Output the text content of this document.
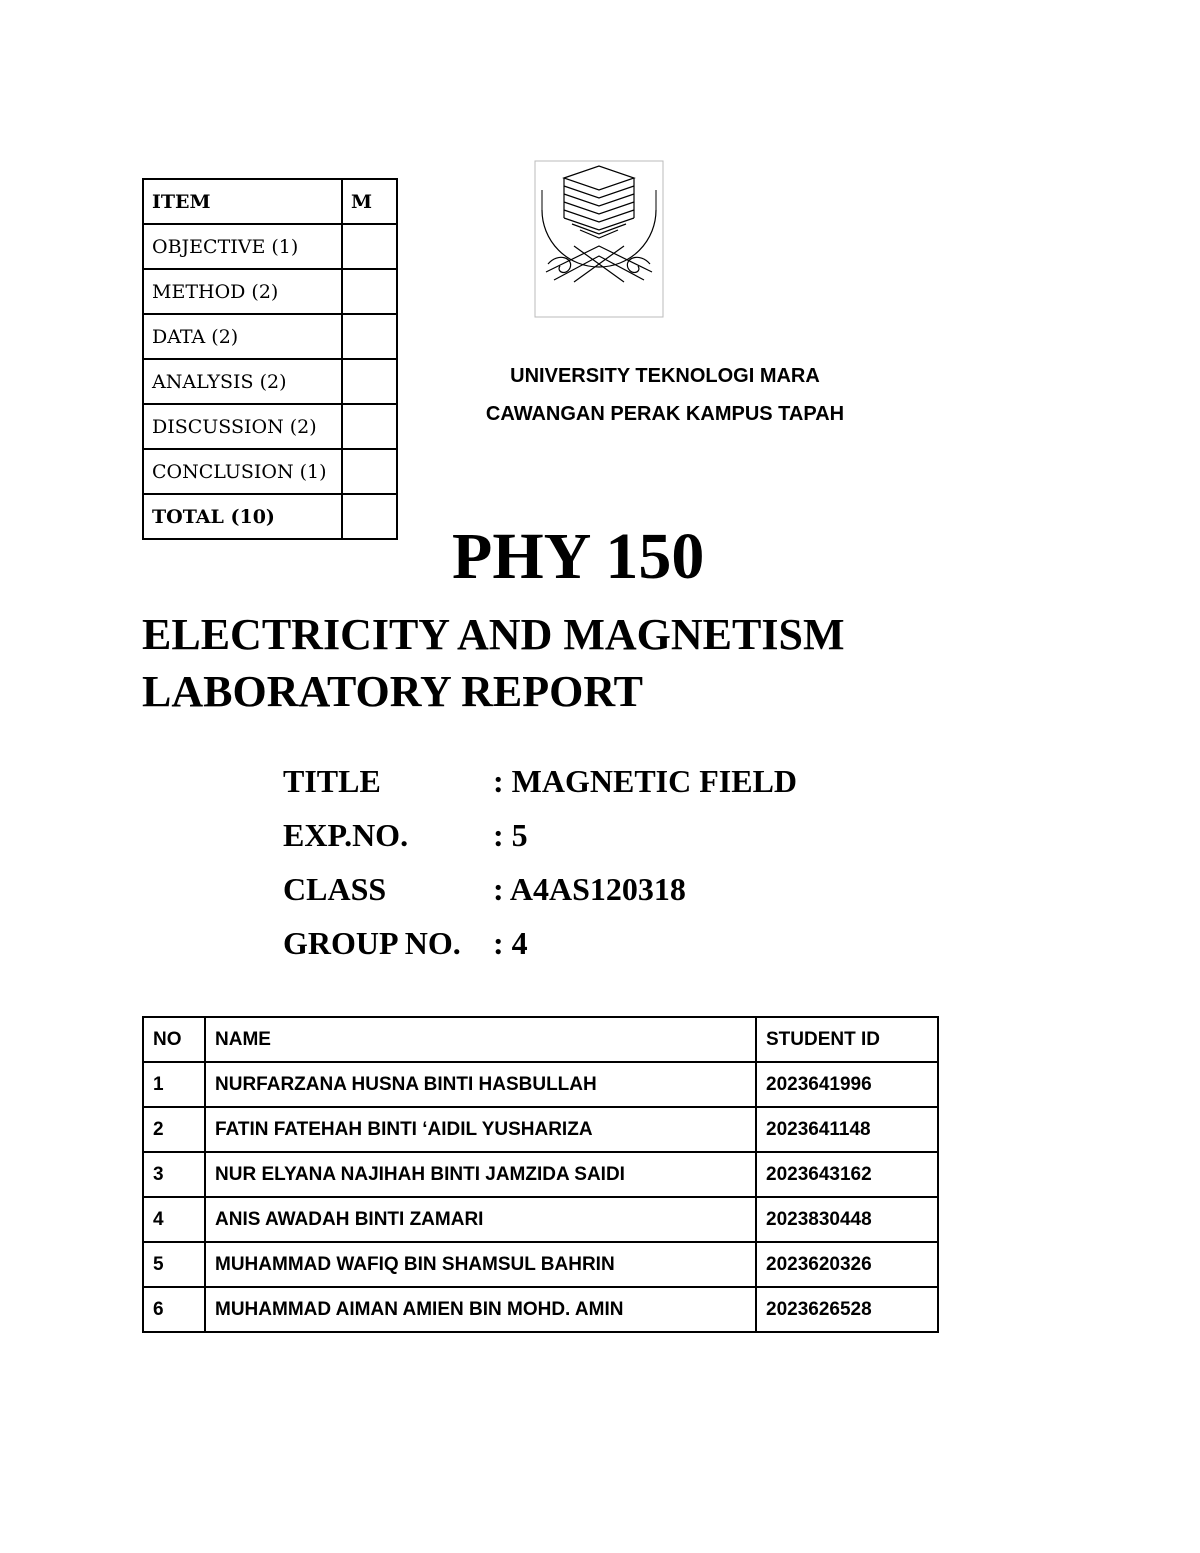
ITEM	M
OBJECTIVE (1)	
METHOD (2)	
DATA (2)	
ANALYSIS (2)	
DISCUSSION (2)	
CONCLUSION (1)	
TOTAL (10)	
UNIVERSITY TEKNOLOGI MARA
CAWANGAN PERAK KAMPUS TAPAH
PHY 150
ELECTRICITY AND MAGNETISM
LABORATORY REPORT
TITLE	: MAGNETIC FIELD
EXP.NO.	: 5
CLASS	: A4AS120318
GROUP NO. : 4
NO	NAME	STUDENT ID
1	NURFARZANA HUSNA BINTI HASBULLAH	2023641996
2	FATIN FATEHAH BINTI ‘AIDIL YUSHARIZA	2023641148
3	NUR ELYANA NAJIHAH BINTI JAMZIDA SAIDI	2023643162
4	ANIS AWADAH BINTI ZAMARI	2023830448
5	MUHAMMAD WAFIQ BIN SHAMSUL BAHRIN	2023620326
6	MUHAMMAD AIMAN AMIEN BIN MOHD. AMIN	2023626528
